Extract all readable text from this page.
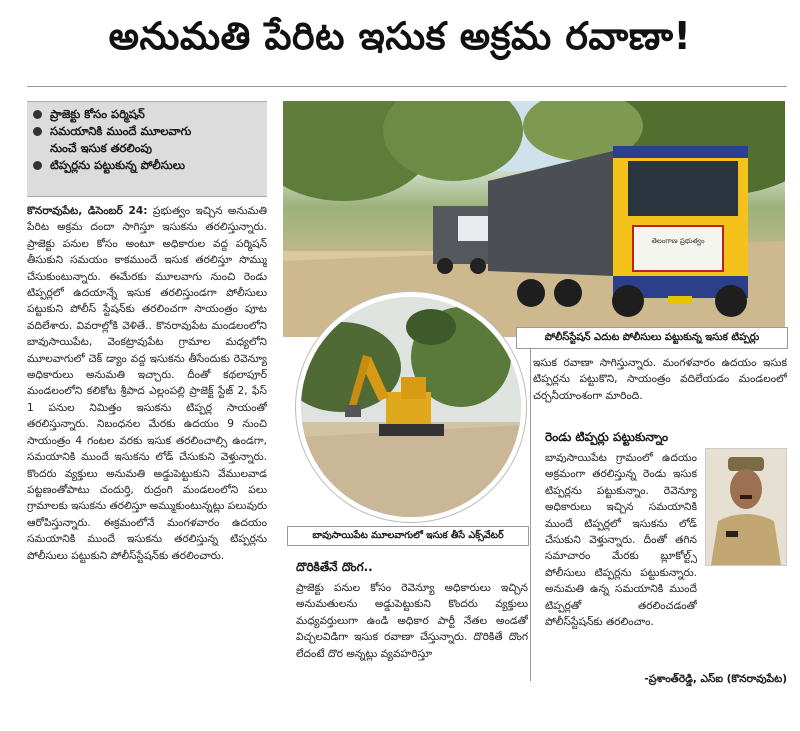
అనుమతి పేరిట ఇసుక అక్రమ రవాణా!
ప్రాజెక్టు కోసం పర్మిషన్
సమయానికి ముందే మూలవాగు
నుంచే ఇసుక తరలింపు
టిప్పర్లను పట్టుకున్న పోలీసులు

కొనరావుపేట, డిసెంబర్ 24: ప్రభుత్వం ఇచ్చిన అనుమతి పేరిట అక్రమ దందా సాగిస్తూ ఇసుకను తరలిస్తున్నారు. ప్రాజెక్టు పనుల కోసం అంటూ అధికారుల వద్ద పర్మిషన్ తీసుకుని సమయం కాకముందే ఇసుక తరలిస్తూ సొమ్ము చేసుకుంటున్నారు. ఈమేరకు మూలవాగు నుంచి రెండు టిప్పర్లలో ఉదయాన్నే ఇసుక తరలిస్తుండగా పోలీసులు పట్టుకుని పోలీస్ స్టేషన్‌కు తరలించగా సాయంత్రం పూట వదిలేశారు. వివరాల్లోకి వెళితే.. కొనరావుపేట మండలంలోని బావుసాయిపేట, వెంకట్రావుపేట గ్రామాల మధ్యలోని మూలవాగులో చెక్ డ్యాం వద్ద ఇసుకను తీసేందుకు రెవెన్యూ అధికారులు అనుమతి ఇచ్చారు. దీంతో కథలాపూర్ మండలంలోని కలికోట శ్రీపాద ఎల్లంపల్లి ప్రాజెక్ట్ స్టేజ్ 2, ఫేస్ 1 పనుల నిమిత్తం ఇసుకను టిప్పర్ల సాయంతో తరలిస్తున్నారు. నిబంధనల మేరకు ఉదయం 9 నుంచి సాయంత్రం 4 గంటల వరకు ఇసుక తరలించాల్సి ఉండగా, సమయానికి ముందే ఇసుకను లోడ్ చేసుకుని వెళ్తున్నారు. కొందరు వ్యక్తులు అనుమతి అడ్డుపెట్టుకుని వేములవాడ పట్టణంతోపాటు చందుర్తి, రుద్రంగి మండలంలోని పలు గ్రామాలకు ఇసుకను తరలిస్తూ అమ్ముకుంటున్నట్లు పలువురు ఆరోపిస్తున్నారు. ఈక్రమంలోనే మంగళవారం ఉదయం సమయానికి ముందే ఇసుకను తరలిస్తున్న టిప్పర్లను పోలీసులు పట్టుకుని పోలీస్‌స్టేషన్‌కు తరలించారు.

తెలంగాణ ప్రభుత్వం
పోలీస్‌స్టేషన్ ఎదుట పోలీసులు పట్టుకున్న ఇసుక టిప్పర్లు
బావుసాయిపేట మూలవాగులో ఇసుక తీసే ఎక్స్‌వేటర్
ఇసుక రవాణా సాగిస్తున్నారు. మంగళవారం ఉదయం ఇసుక టిప్పర్లను పట్టుకొని, సాయంత్రం వదిలేయడం మండలంలో చర్చనీయాంశంగా మారింది.
రెండు టిప్పర్లు పట్టుకున్నాం
బావుసాయిపేట గ్రామంలో ఉదయం అక్రమంగా తరలిస్తున్న రెండు ఇసుక టిప్పర్లను పట్టుకున్నాం. రెవెన్యూ అధికారులు ఇచ్చిన సమయానికి ముందే టిప్పర్లలో ఇసుకను లోడ్ చేసుకుని వెళ్తున్నారు. దీంతో తగిన సమాచారం మేరకు బ్లూకోల్ట్స్ పోలీసులు టిప్పర్లను పట్టుకున్నారు. అనుమతి ఉన్న సమయానికి ముందే టిప్పర్లతో తరలించడంతో పోలీస్‌స్టేషన్‌కు తరలించాం.
-ప్రశాంత్‌రెడ్డి, ఎస్ఐ (కొనరావుపేట)
దొరికితేనే దొంగ..
ప్రాజెక్టు పనుల కోసం రెవెన్యూ అధికారులు ఇచ్చిన అనుమతులను అడ్డుపెట్టుకుని కొందరు వ్యక్తులు మధ్యవర్తులుగా ఉండి అధికార పార్టీ నేతల అండతో విచ్చలవిడిగా ఇసుక రవాణా చేస్తున్నారు. దొరికితే దొంగ లేదంటే దొర అన్నట్లు వ్యవహరిస్తూ
